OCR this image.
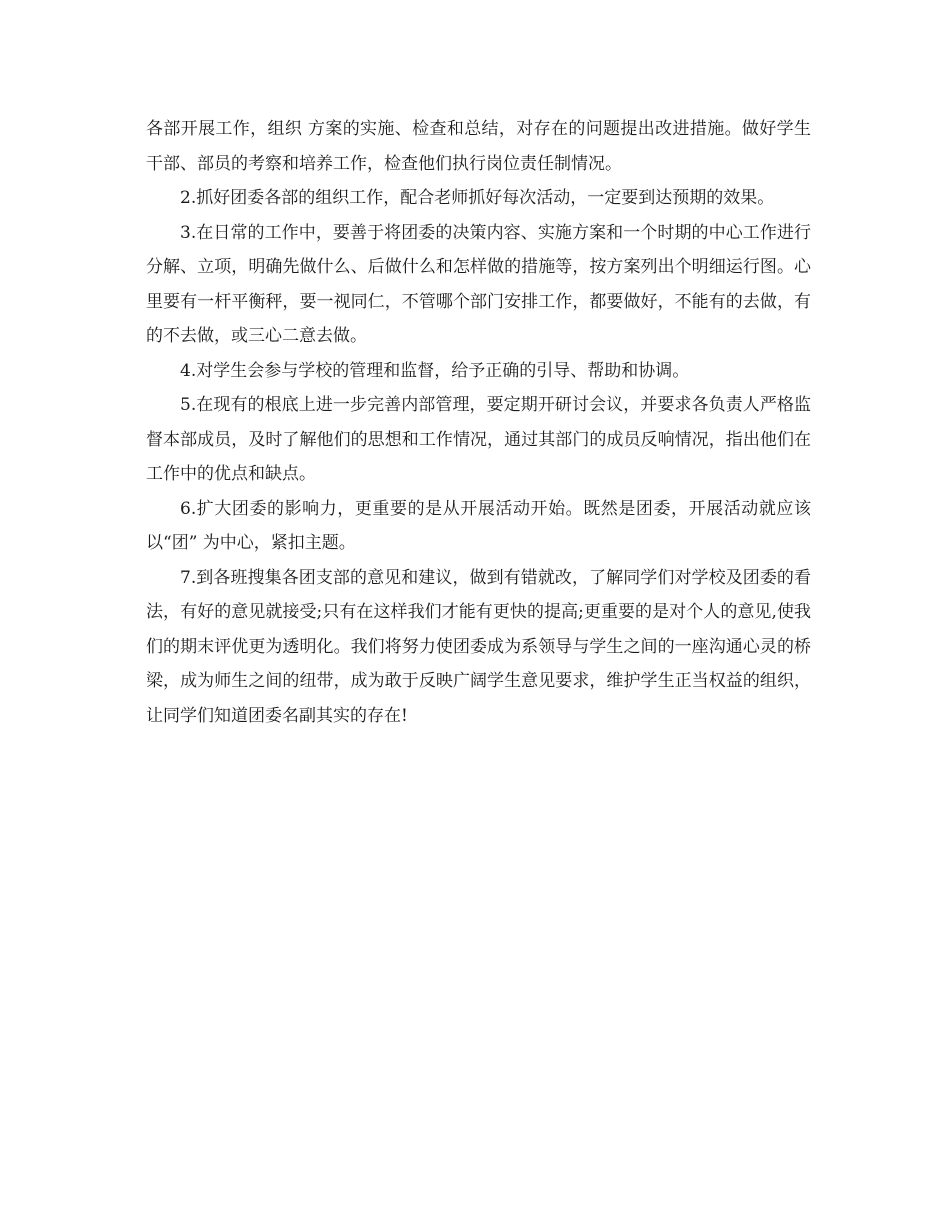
各部开展工作，组织 方案的实施、检查和总结，对存在的问题提出改进措施。做好学生干部、部员的考察和培养工作，检查他们执行岗位责任制情况。

2.抓好团委各部的组织工作，配合老师抓好每次活动，一定要到达预期的效果。

3.在日常的工作中，要善于将团委的决策内容、实施方案和一个时期的中心工作进行分解、立项，明确先做什么、后做什么和怎样做的措施等，按方案列出个明细运行图。心里要有一杆平衡秤，要一视同仁，不管哪个部门安排工作，都要做好，不能有的去做，有的不去做，或三心二意去做。

4.对学生会参与学校的管理和监督，给予正确的引导、帮助和协调。

5.在现有的根底上进一步完善内部管理，要定期开研讨会议，并要求各负责人严格监督本部成员，及时了解他们的思想和工作情况，通过其部门的成员反响情况，指出他们在工作中的优点和缺点。

6.扩大团委的影响力，更重要的是从开展活动开始。既然是团委，开展活动就应该以“团” 为中心，紧扣主题。

7.到各班搜集各团支部的意见和建议，做到有错就改，了解同学们对学校及团委的看法，有好的意见就接受;只有在这样我们才能有更快的提高;更重要的是对个人的意见,使我们的期末评优更为透明化。我们将努力使团委成为系领导与学生之间的一座沟通心灵的桥梁，成为师生之间的纽带，成为敢于反映广阔学生意见要求，维护学生正当权益的组织，让同学们知道团委名副其实的存在!
